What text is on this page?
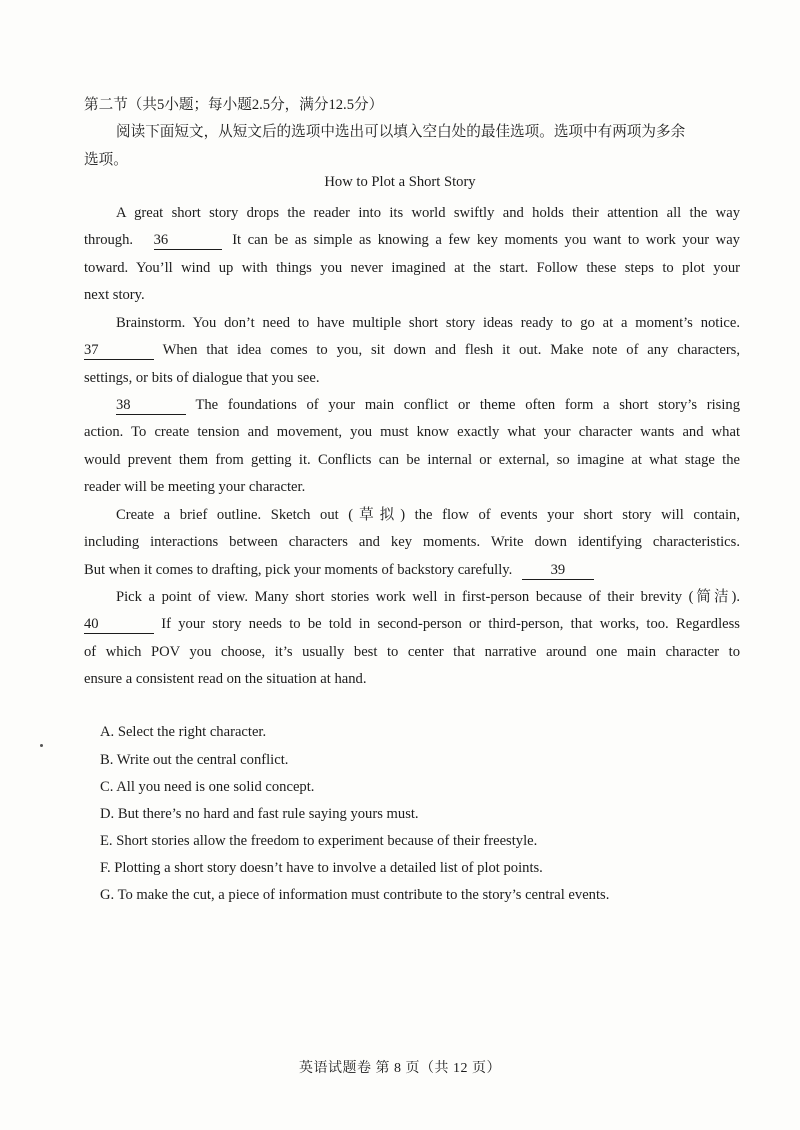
第二节（共5小题；每小题2.5分，满分12.5分）
阅读下面短文，从短文后的选项中选出可以填入空白处的最佳选项。选项中有两项为多余
选项。
How to Plot a Short Story
A great short story drops the reader into its world swiftly and holds their attention all the way
through. 36	It can be as simple as knowing a few key moments you want to work your way
toward. You’ll wind up with things you never imagined at the start. Follow these steps to plot your
next story.
Brainstorm. You don’t need to have multiple short story ideas ready to go at a moment’s notice.
37	When that idea comes to you, sit down and flesh it out. Make note of any characters,
settings, or bits of dialogue that you see.
38	The foundations of your main conflict or theme often form a short story’s rising
action. To create tension and movement, you must know exactly what your character wants and what
would prevent them from getting it. Conflicts can be internal or external, so imagine at what stage the
reader will be meeting your character.
Create a brief outline. Sketch out (草拟) the flow of events your short story will contain,
including interactions between characters and key moments. Write down identifying characteristics.
But when it comes to drafting, pick your moments of backstory carefully.	39
Pick a point of view. Many short stories work well in first-person because of their brevity (简洁).
40	If your story needs to be told in second-person or third-person, that works, too. Regardless
of which POV you choose, it’s usually best to center that narrative around one main character to
ensure a consistent read on the situation at hand.
A. Select the right character.
B. Write out the central conflict.
C. All you need is one solid concept.
D. But there’s no hard and fast rule saying yours must.
E. Short stories allow the freedom to experiment because of their freestyle.
F. Plotting a short story doesn’t have to involve a detailed list of plot points.
G. To make the cut, a piece of information must contribute to the story’s central events.
英语试题卷 第 8 页（共 12 页）
